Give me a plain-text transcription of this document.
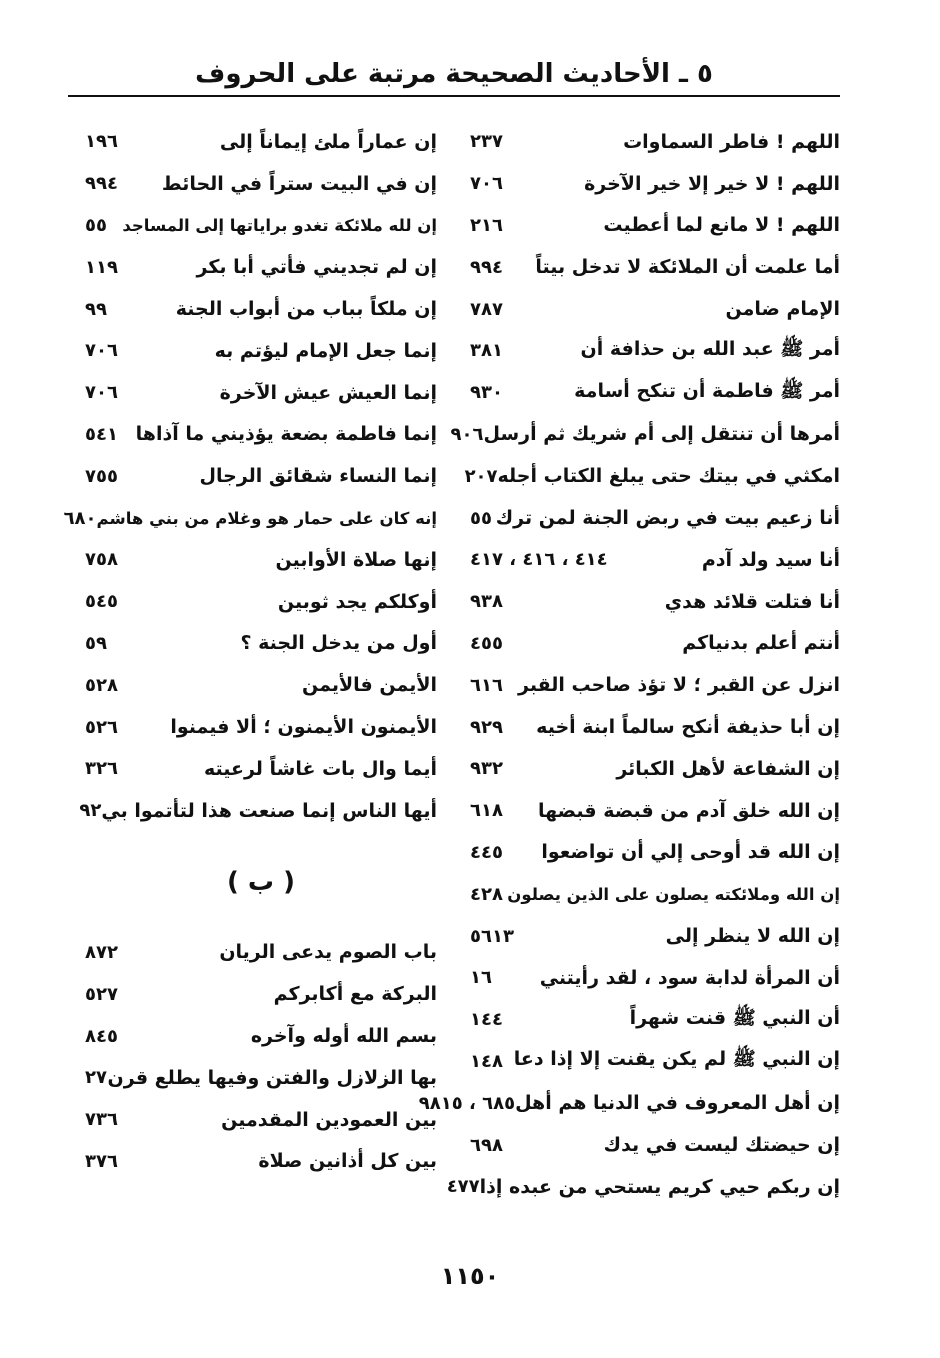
٥ ـ الأحاديث الصحيحة مرتبة على الحروف
اللهم ! فاطر السماوات
٢٣٧
اللهم ! لا خير إلا خير الآخرة
٧٠٦
اللهم ! لا مانع لما أعطيت
٢١٦
أما علمت أن الملائكة لا تدخل بيتاً
٩٩٤
الإمام ضامن
٧٨٧
أمر ﷺ عبد الله بن حذافة أن
٣٨١
أمر ﷺ فاطمة أن تنكح أسامة
٩٣٠
أمرها أن تنتقل إلى أم شريك ثم أرسل
٩٠٦
امكثي في بيتك حتى يبلغ الكتاب أجله
٢٠٧
أنا زعيم بيت في ربض الجنة لمن ترك
٥٥
أنا سيد ولد آدم
٤١٤ ، ٤١٦ ، ٤١٧
أنا فتلت قلائد هدي
٩٣٨
أنتم أعلم بدنياكم
٤٥٥
انزل عن القبر ؛ لا تؤذ صاحب القبر
٦١٦
إن أبا حذيفة أنكح سالماً ابنة أخيه
٩٢٩
إن الشفاعة لأهل الكبائر
٩٣٢
إن الله خلق آدم من قبضة قبضها
٦١٨
إن الله قد أوحى إلي أن تواضعوا
٤٤٥
إن الله وملائكته يصلون على الذين يصلون
٤٢٨
إن الله لا ينظر إلى
٥٦١٣
أن المرأة لدابة سود ، لقد رأيتني
١٦
أن النبي ﷺ قنت شهراً
١٤٤
إن النبي ﷺ لم يكن يقنت إلا إذا دعا
١٤٨
إن أهل المعروف في الدنيا هم أهل
٦٨٥ ، ٩٨١٥
إن حيضتك ليست في يدك
٦٩٨
إن ربكم حيي كريم يستحي من عبده إذا
٤٧٧
إن عماراً ملئ إيماناً إلى
١٩٦
إن في البيت ستراً في الحائط
٩٩٤
إن لله ملائكة تغدو براياتها إلى المساجد
٥٥
إن لم تجديني فأتي أبا بكر
١١٩
إن ملكاً بباب من أبواب الجنة
٩٩
إنما جعل الإمام ليؤتم به
٧٠٦
إنما العيش عيش الآخرة
٧٠٦
إنما فاطمة بضعة يؤذيني ما آذاها
٥٤١
إنما النساء شقائق الرجال
٧٥٥
إنه كان على حمار هو وغلام من بني هاشم
٦٨٠
إنها صلاة الأوابين
٧٥٨
أوكلكم يجد ثوبين
٥٤٥
أول من يدخل الجنة ؟
٥٩
الأيمن فالأيمن
٥٢٨
الأيمنون الأيمنون ؛ ألا فيمنوا
٥٢٦
أيما وال بات غاشاً لرعيته
٣٢٦
أيها الناس إنما صنعت هذا لتأتموا بي
٩٢
( ب )
باب الصوم يدعى الريان
٨٧٢
البركة مع أكابركم
٥٢٧
بسم الله أوله وآخره
٨٤٥
بها الزلازل والفتن وفيها يطلع قرن
٢٧
بين العمودين المقدمين
٧٣٦
بين كل أذانين صلاة
٣٧٦
١١٥٠
